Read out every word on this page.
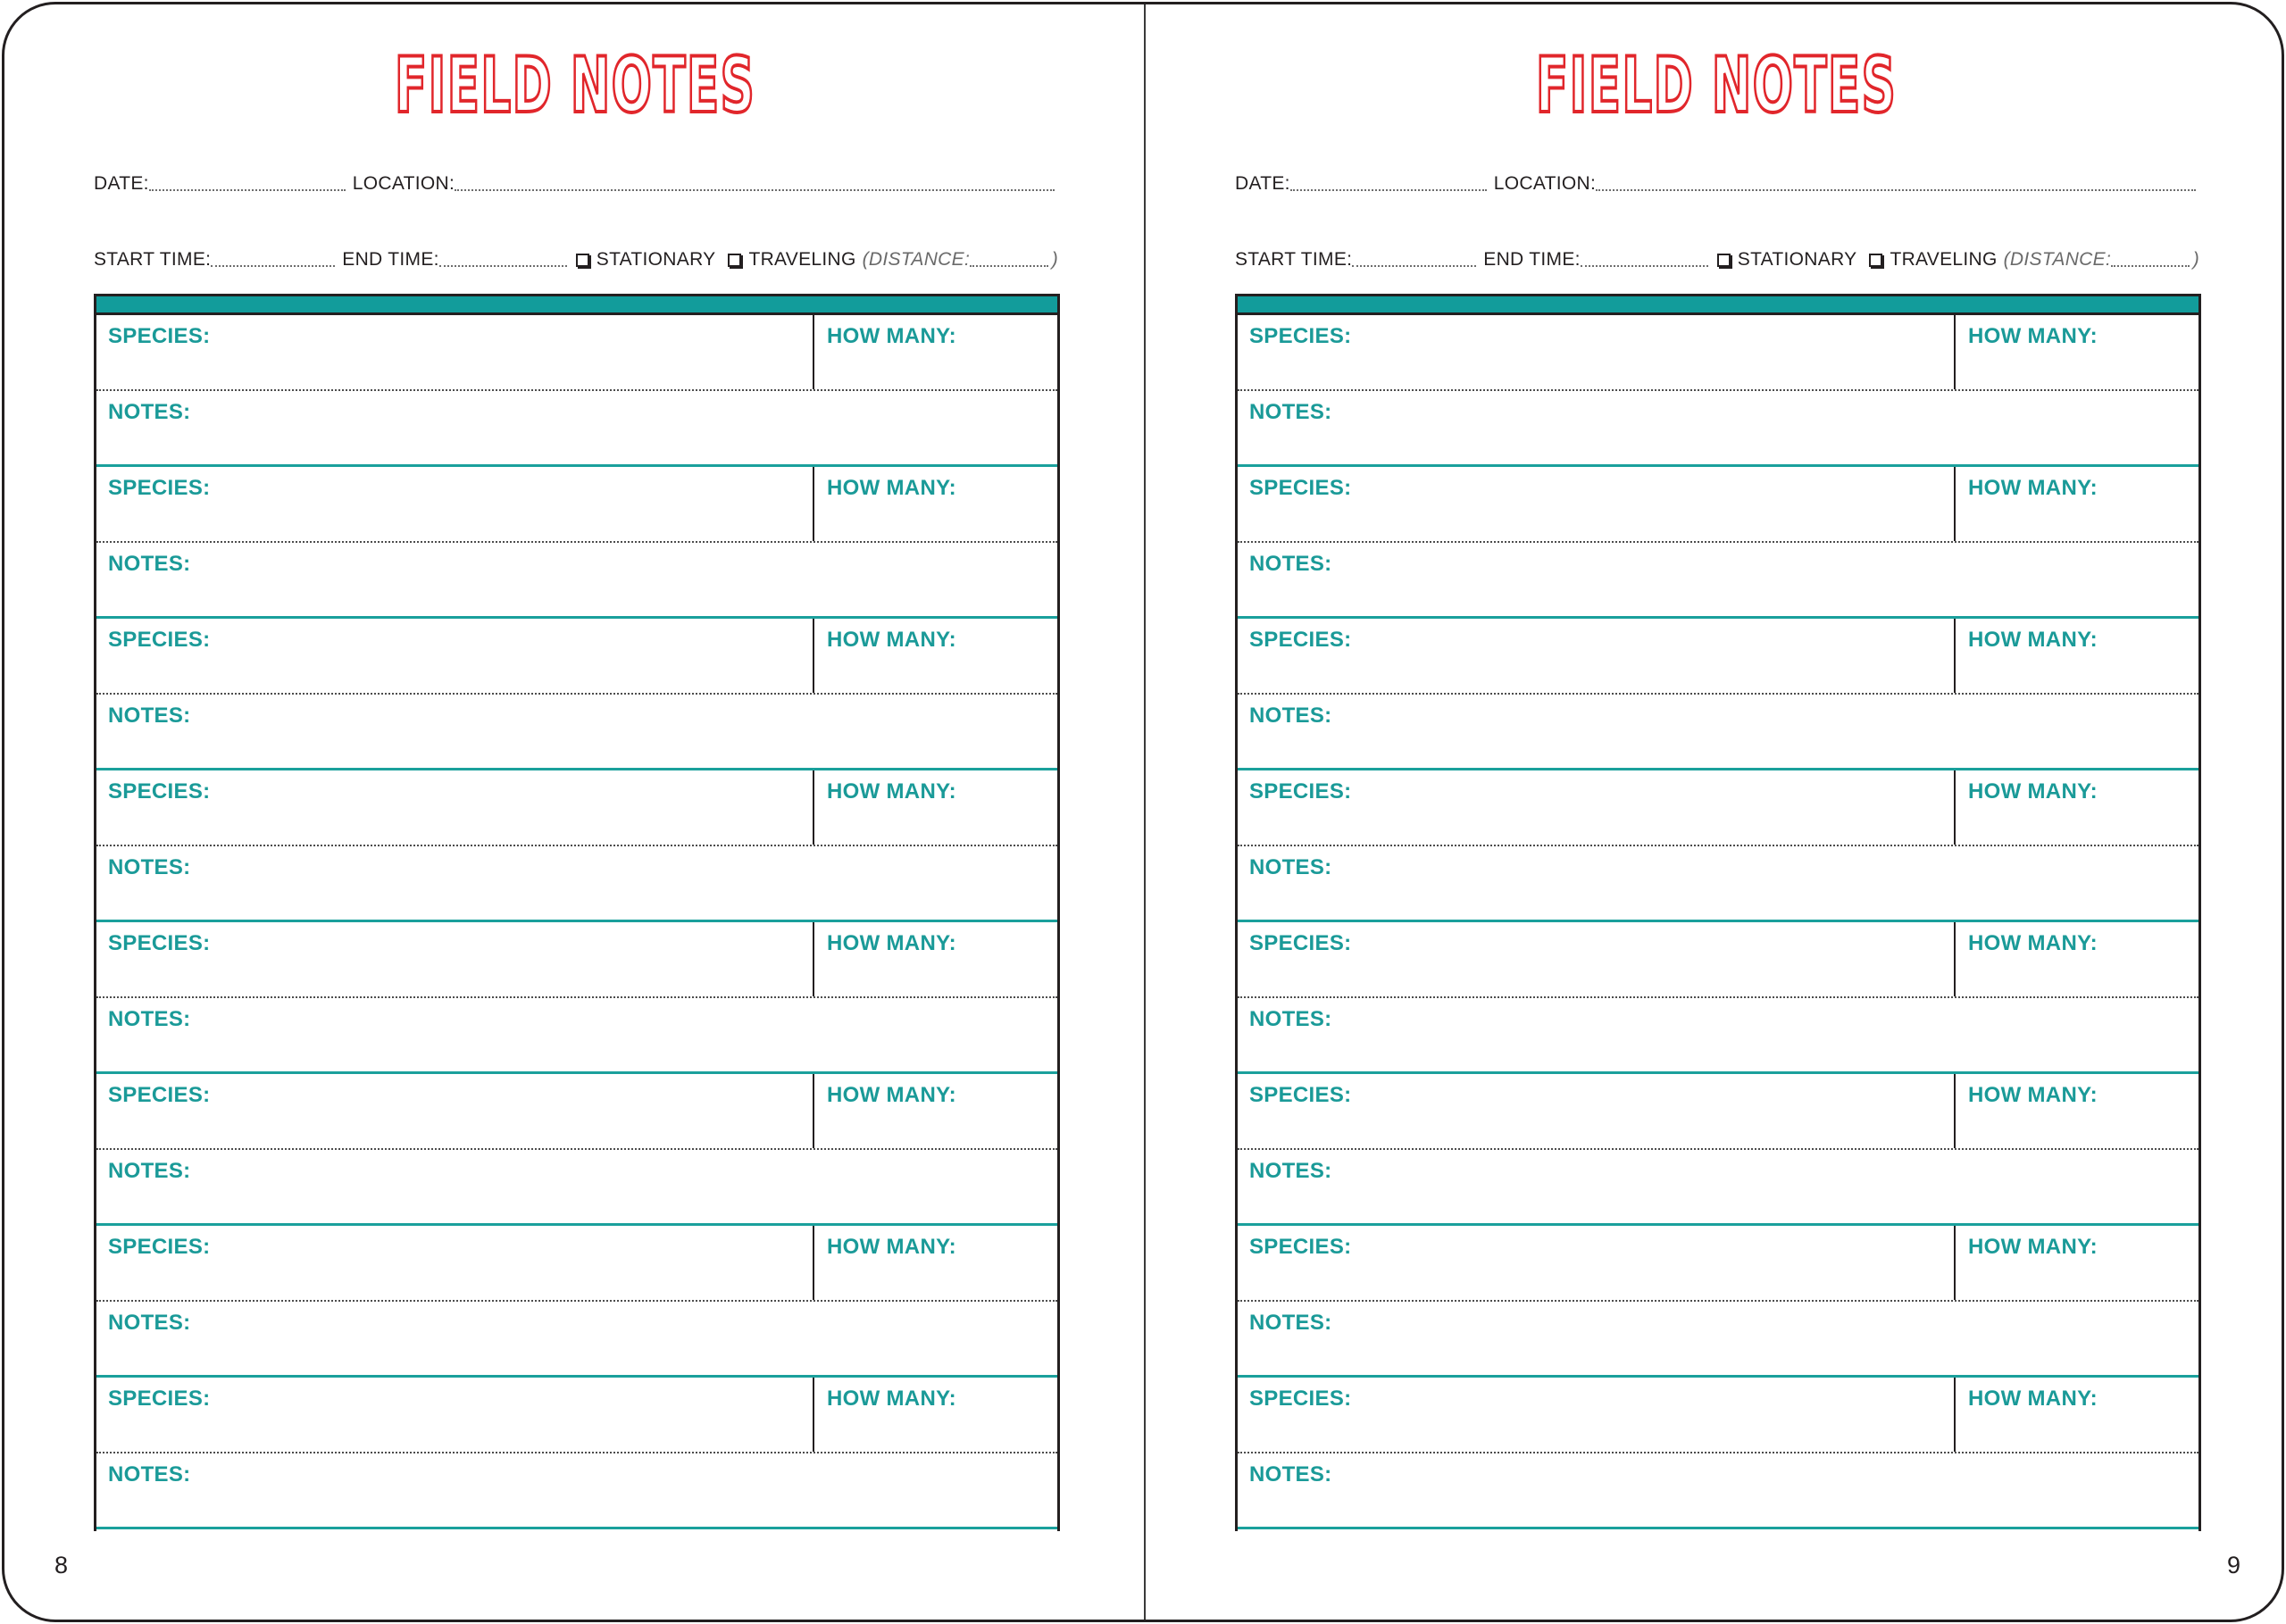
FIELD NOTES
DATE:	LOCATION:
START TIME:	END TIME:	STATIONARY TRAVELING (DISTANCE:	)
SPECIES:	HOW MANY:
NOTES:
SPECIES:	HOW MANY:
NOTES:
SPECIES:	HOW MANY:
NOTES:
SPECIES:	HOW MANY:
NOTES:
SPECIES:	HOW MANY:
NOTES:
SPECIES:	HOW MANY:
NOTES:
SPECIES:	HOW MANY:
NOTES:
SPECIES:	HOW MANY:
NOTES:
8
FIELD NOTES
DATE:	LOCATION:
START TIME:	END TIME:	STATIONARY TRAVELING (DISTANCE:	)
SPECIES:	HOW MANY:
NOTES:
SPECIES:	HOW MANY:
NOTES:
SPECIES:	HOW MANY:
NOTES:
SPECIES:	HOW MANY:
NOTES:
SPECIES:	HOW MANY:
NOTES:
SPECIES:	HOW MANY:
NOTES:
SPECIES:	HOW MANY:
NOTES:
SPECIES:	HOW MANY:
NOTES:
9
